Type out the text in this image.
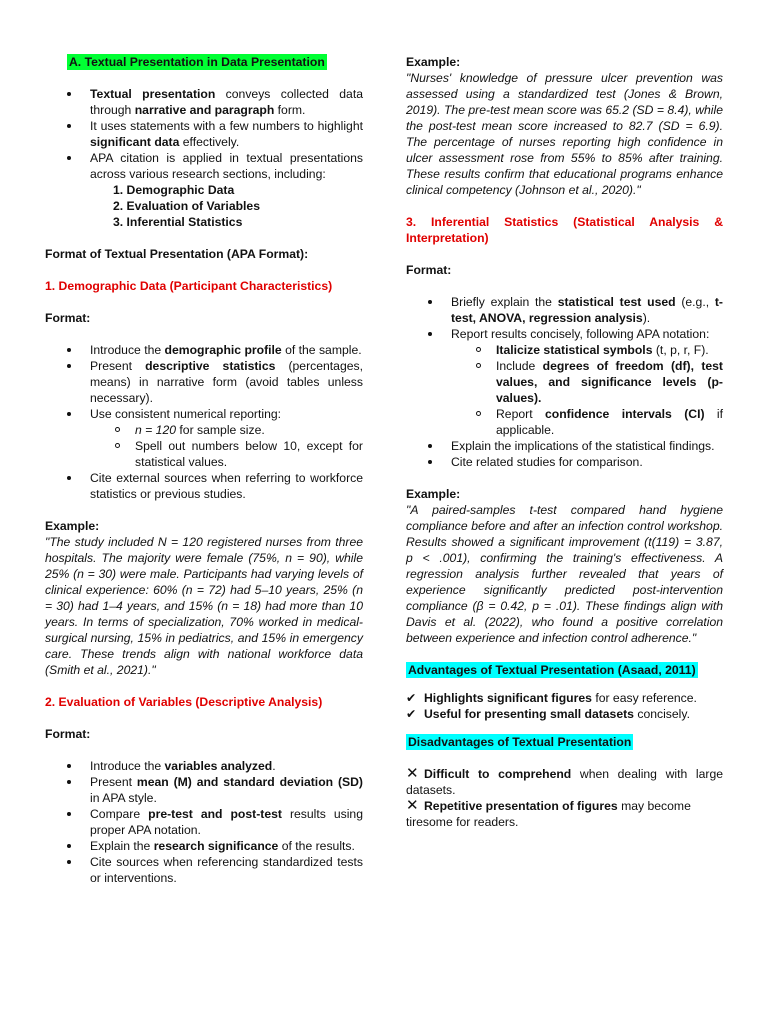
A. Textual Presentation in Data Presentation
Textual presentation conveys collected data through narrative and paragraph form.
It uses statements with a few numbers to highlight significant data effectively.
APA citation is applied in textual presentations across various research sections, including:
1. Demographic Data
2. Evaluation of Variables
3. Inferential Statistics

Format of Textual Presentation (APA Format):

1. Demographic Data (Participant Characteristics)

Format:

Introduce the demographic profile of the sample.
Present descriptive statistics (percentages, means) in narrative form (avoid tables unless necessary).
Use consistent numerical reporting:
n = 120 for sample size.
Spell out numbers below 10, except for statistical values.
Cite external sources when referring to workforce statistics or previous studies.

Example:

"The study included N = 120 registered nurses from three hospitals. The majority were female (75%, n = 90), while 25% (n = 30) were male. Participants had varying levels of clinical experience: 60% (n = 72) had 5–10 years, 25% (n = 30) had 1–4 years, and 15% (n = 18) had more than 10 years. In terms of specialization, 70% worked in medical-surgical nursing, 15% in pediatrics, and 15% in emergency care. These trends align with national workforce data (Smith et al., 2021)."

2. Evaluation of Variables (Descriptive Analysis)

Format:

Introduce the variables analyzed.
Present mean (M) and standard deviation (SD) in APA style.
Compare pre-test and post-test results using proper APA notation.
Explain the research significance of the results.
Cite sources when referencing standardized tests or interventions.

Example:

"Nurses' knowledge of pressure ulcer prevention was assessed using a standardized test (Jones & Brown, 2019). The pre-test mean score was 65.2 (SD = 8.4), while the post-test mean score increased to 82.7 (SD = 6.9). The percentage of nurses reporting high confidence in ulcer assessment rose from 55% to 85% after training. These results confirm that educational programs enhance clinical competency (Johnson et al., 2020)."

3. Inferential Statistics (Statistical Analysis & Interpretation)

Format:

Briefly explain the statistical test used (e.g., t-test, ANOVA, regression analysis).
Report results concisely, following APA notation:
Italicize statistical symbols (t, p, r, F).
Include degrees of freedom (df), test values, and significance levels (p-values).
Report confidence intervals (CI) if applicable.
Explain the implications of the statistical findings.
Cite related studies for comparison.

Example:

"A paired-samples t-test compared hand hygiene compliance before and after an infection control workshop. Results showed a significant improvement (t(119) = 3.87, p < .001), confirming the training's effectiveness. A regression analysis further revealed that years of experience significantly predicted post-intervention compliance (β = 0.42, p = .01). These findings align with Davis et al. (2022), who found a positive correlation between experience and infection control adherence."

Advantages of Textual Presentation (Asaad, 2011)

✔ Highlights significant figures for easy reference.

✔ Useful for presenting small datasets concisely.

Disadvantages of Textual Presentation

✕ Difficult to comprehend when dealing with large datasets.

✕ Repetitive presentation of figures may become tiresome for readers.
